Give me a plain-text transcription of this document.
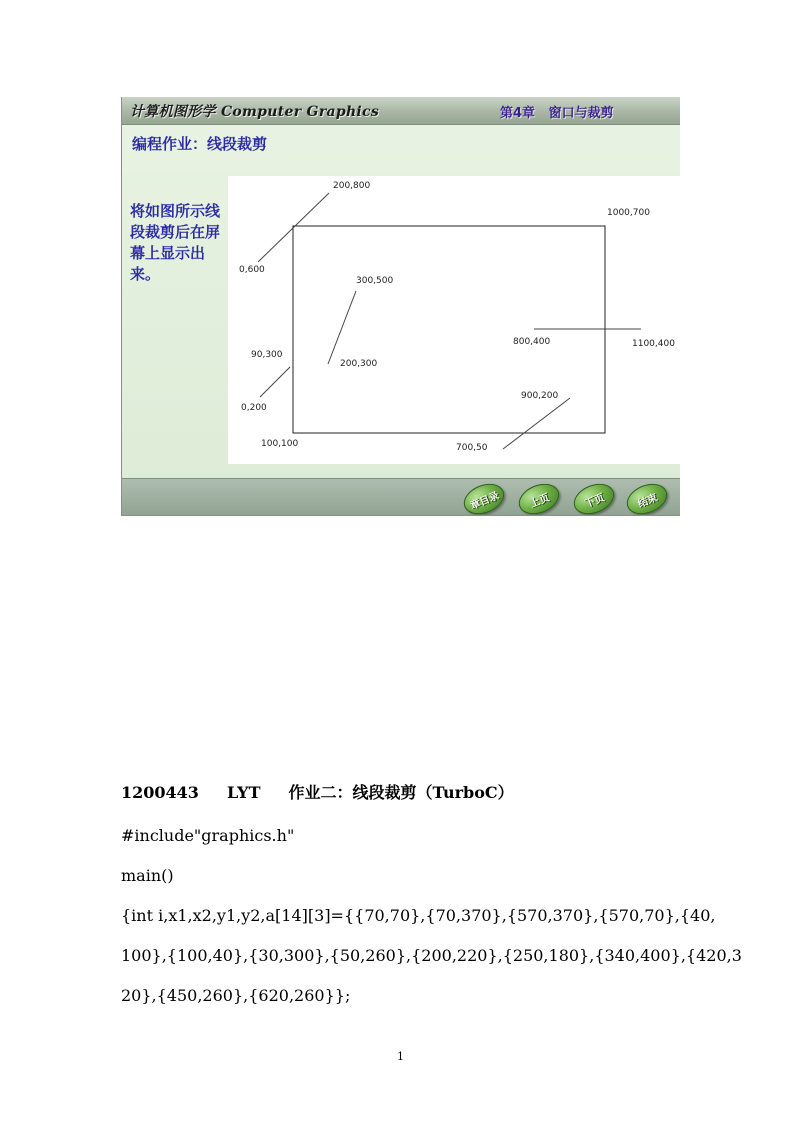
计算机图形学 Computer Graphics	第4章   窗口与裁剪
编程作业：线段裁剪
将如图所示线段裁剪后在屏幕上显示出来。
200,800
1000,700
0,600
300,500
90,300
200,300
800,400	1100,400
900,200
0,200
100,100	700,50
章目录	上页	下页	结束
1200443 LYT 作业二：线段裁剪（TurboC）
#include"graphics.h"
main()
{int i,x1,x2,y1,y2,a[14][3]={{70,70},{70,370},{570,370},{570,70},{40,
100},{100,40},{30,300},{50,260},{200,220},{250,180},{340,400},{420,3
20},{450,260},{620,260}};
1
